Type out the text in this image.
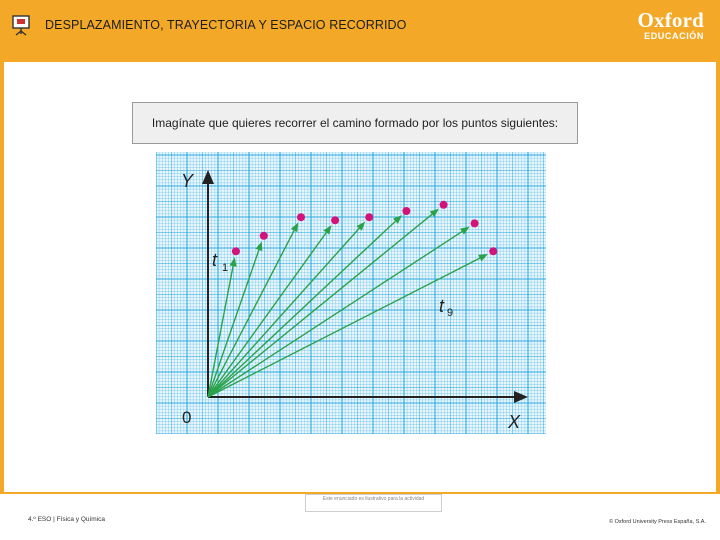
DESPLAZAMIENTO, TRAYECTORIA Y ESPACIO RECORRIDO	Oxford
EDUCACIÓN
Imagínate que quieres recorrer el camino formado por los puntos siguientes:
Y
X
0
t 1
t 9
Este enunciado es ilustrativo para la actividad
4.º ESO | Física y Química	© Oxford University Press España, S.A.
